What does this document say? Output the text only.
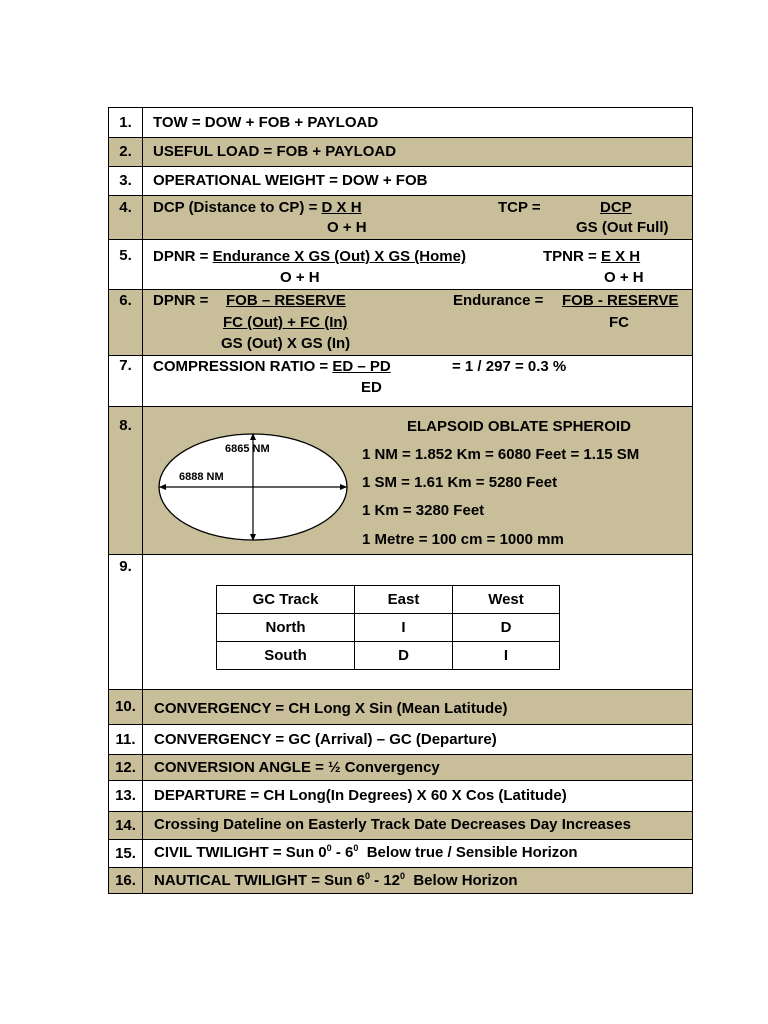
1.	TOW = DOW + FOB + PAYLOAD
2.	USEFUL LOAD = FOB + PAYLOAD
3.	OPERATIONAL WEIGHT = DOW + FOB
4.	DCP (Distance to CP) = D X H
O + H
TCP =	DCP
GS (Out Full)
5.	DPNR = Endurance X GS (Out) X GS (Home)
O + H
TPNR = E X H
O + H
6.	DPNR = FOB – RESERVE
FC (Out) + FC (In)
GS (Out) X GS (In)
Endurance = FOB - RESERVE
FC
7.	COMPRESSION RATIO = ED – PD
ED
= 1 / 297 = 0.3 %
8.
6865 NM
6888 NM
ELAPSOID OBLATE SPHEROID
1 NM = 1.852 Km = 6080 Feet = 1.15 SM
1 SM = 1.61 Km = 5280 Feet
1 Km = 3280 Feet
1 Metre = 100 cm = 1000 mm
9.
GC Track	East	West
North	I	D
South	D	I
10.	CONVERGENCY = CH Long X Sin (Mean Latitude)
11.	CONVERGENCY = GC (Arrival) – GC (Departure)
12.	CONVERSION ANGLE = ½ Convergency
13.	DEPARTURE = CH Long(In Degrees) X 60 X Cos (Latitude)
14.	Crossing Dateline on Easterly Track Date Decreases Day Increases
15.	CIVIL TWILIGHT = Sun $0^0 - 6^0$  Below true / Sensible Horizon
16.	NAUTICAL TWILIGHT = Sun $6^0 - 12^0$  Below Horizon
